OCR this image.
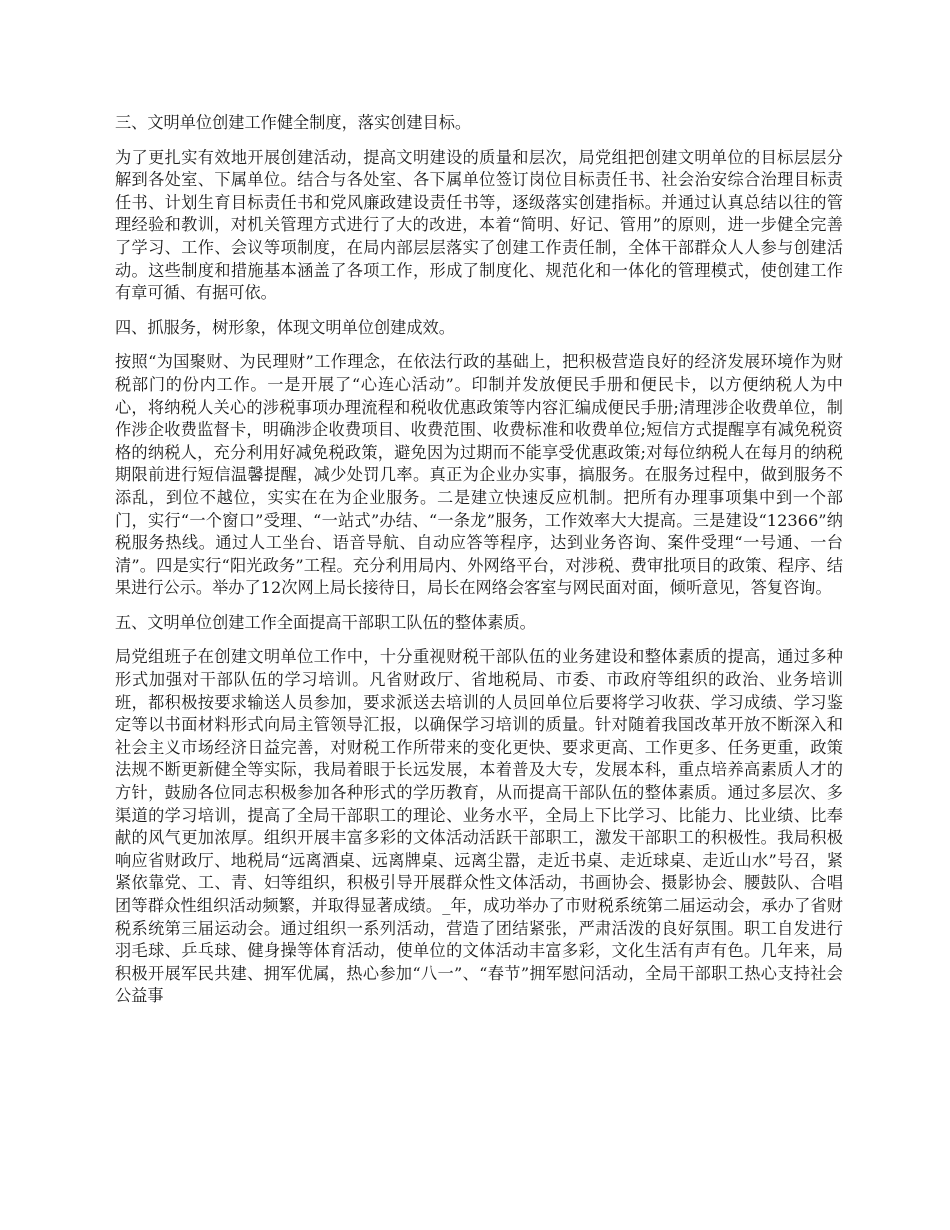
三、文明单位创建工作健全制度，落实创建目标。

为了更扎实有效地开展创建活动，提高文明建设的质量和层次，局党组把创建文明单位的目标层层分解到各处室、下属单位。结合与各处室、各下属单位签订岗位目标责任书、社会治安综合治理目标责任书、计划生育目标责任书和党风廉政建设责任书等，逐级落实创建指标。并通过认真总结以往的管理经验和教训，对机关管理方式进行了大的改进，本着“简明、好记、管用”的原则，进一步健全完善了学习、工作、会议等项制度，在局内部层层落实了创建工作责任制，全体干部群众人人参与创建活动。这些制度和措施基本涵盖了各项工作，形成了制度化、规范化和一体化的管理模式，使创建工作有章可循、有据可依。

四、抓服务，树形象，体现文明单位创建成效。

按照“为国聚财、为民理财”工作理念，在依法行政的基础上，把积极营造良好的经济发展环境作为财税部门的份内工作。一是开展了“心连心活动”。印制并发放便民手册和便民卡，以方便纳税人为中心，将纳税人关心的涉税事项办理流程和税收优惠政策等内容汇编成便民手册;清理涉企收费单位，制作涉企收费监督卡，明确涉企收费项目、收费范围、收费标准和收费单位;短信方式提醒享有减免税资格的纳税人，充分利用好减免税政策，避免因为过期而不能享受优惠政策;对每位纳税人在每月的纳税期限前进行短信温馨提醒，减少处罚几率。真正为企业办实事，搞服务。在服务过程中，做到服务不添乱，到位不越位，实实在在为企业服务。二是建立快速反应机制。把所有办理事项集中到一个部门，实行“一个窗口”受理、“一站式”办结、“一条龙”服务，工作效率大大提高。三是建设“12366”纳税服务热线。通过人工坐台、语音导航、自动应答等程序，达到业务咨询、案件受理“一号通、一台清”。四是实行“阳光政务”工程。充分利用局内、外网络平台，对涉税、费审批项目的政策、程序、结果进行公示。举办了12次网上局长接待日，局长在网络会客室与网民面对面，倾听意见，答复咨询。

五、文明单位创建工作全面提高干部职工队伍的整体素质。

局党组班子在创建文明单位工作中，十分重视财税干部队伍的业务建设和整体素质的提高，通过多种形式加强对干部队伍的学习培训。凡省财政厅、省地税局、市委、市政府等组织的政治、业务培训班，都积极按要求输送人员参加，要求派送去培训的人员回单位后要将学习收获、学习成绩、学习鉴定等以书面材料形式向局主管领导汇报，以确保学习培训的质量。针对随着我国改革开放不断深入和社会主义市场经济日益完善，对财税工作所带来的变化更快、要求更高、工作更多、任务更重，政策法规不断更新健全等实际，我局着眼于长远发展，本着普及大专，发展本科，重点培养高素质人才的方针，鼓励各位同志积极参加各种形式的学历教育，从而提高干部队伍的整体素质。通过多层次、多渠道的学习培训，提高了全局干部职工的理论、业务水平，全局上下比学习、比能力、比业绩、比奉献的风气更加浓厚。组织开展丰富多彩的文体活动活跃干部职工，激发干部职工的积极性。我局积极响应省财政厅、地税局“远离酒桌、远离牌桌、远离尘嚣，走近书桌、走近球桌、走近山水”号召，紧紧依靠党、工、青、妇等组织，积极引导开展群众性文体活动，书画协会、摄影协会、腰鼓队、合唱团等群众性组织活动频繁，并取得显著成绩。_年，成功举办了市财税系统第二届运动会，承办了省财税系统第三届运动会。通过组织一系列活动，营造了团结紧张，严肃活泼的良好氛围。职工自发进行羽毛球、乒乓球、健身操等体育活动，使单位的文体活动丰富多彩，文化生活有声有色。几年来，局积极开展军民共建、拥军优属，热心参加“八一”、“春节”拥军慰问活动，全局干部职工热心支持社会公益事
